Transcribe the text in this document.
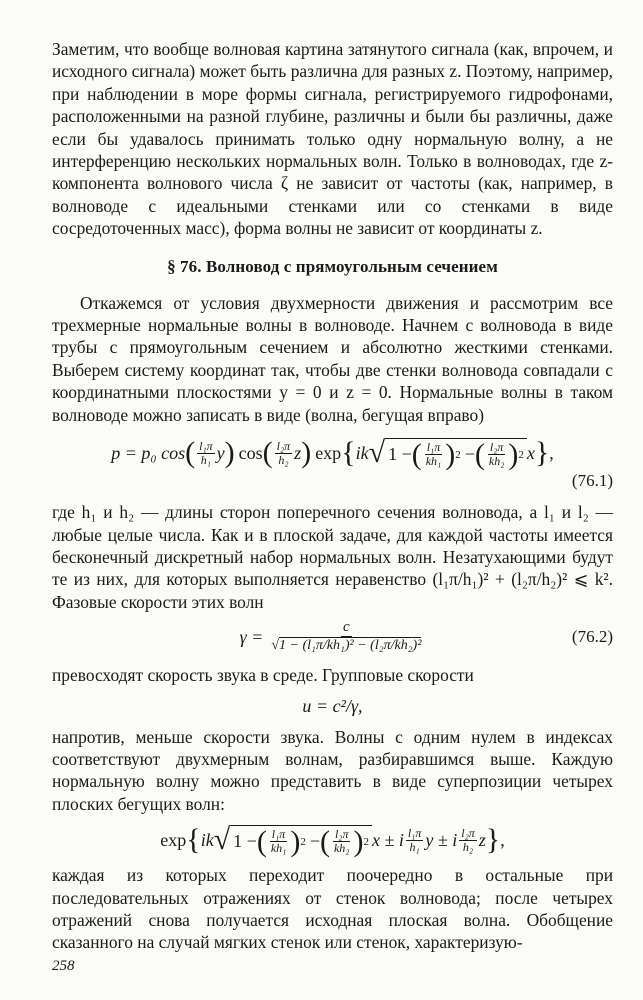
Заметим, что вообще волновая картина затянутого сигнала (как, впрочем, и исходного сигнала) может быть различна для разных z. Поэтому, например, при наблюдении в море формы сигнала, регистрируемого гидрофонами, расположенными на разной глубине, различны и были бы различны, даже если бы удавалось принимать только одну нормальную волну, а не интерференцию нескольких нормальных волн. Только в волноводах, где z-компонента волнового числа ζ не зависит от частоты (как, например, в волноводе с идеальными стенками или со стенками в виде сосредоточенных масс), форма волны не зависит от координаты z.

§ 76. Волновод с прямоугольным сечением

Откажемся от условия двухмерности движения и рассмотрим все трехмерные нормальные волны в волноводе. Начнем с волновода в виде трубы с прямоугольным сечением и абсолютно жесткими стенками. Выберем систему координат так, чтобы две стенки волновода совпадали с координатными плоскостями y = 0 и z = 0. Нормальные волны в таком волноводе можно записать в виде (волна, бегущая вправо)

p = p₀ cos ( $\frac{\text{l₁π}}{\text{h₁}}$ y )
cos ( $\frac{\text{l₂π}}{\text{h₂}}$ z )
exp { ik √ 1 − ( $\frac{\text{l₁π}}{\text{kh₁}}$ ) 2
− ( $\frac{\text{l₂π}}{\text{kh₂}}$ ) 2 x } ,
(76.1)

где h₁ и h₂ — длины сторон поперечного сечения волновода, a l₁ и l₂ — любые целые числа. Как и в плоской задаче, для каждой частоты имеется бесконечный дискретный набор нормальных волн. Незатухающими будут те из них, для которых выполняется неравенство (l₁π/h₁)² + (l₂π/h₂)² ⩽ k². Фазовые скорости этих волн

γ =
$\frac{c}{\text{√1 − (l₁π/kh₁)² − (l₂π/kh₂)²}}$	(76.2)

превосходят скорость звука в среде. Групповые скорости

u = c²/γ,

напротив, меньше скорости звука. Волны с одним нулем в индексах соответствуют двухмерным волнам, разбиравшимся выше. Каждую нормальную волну можно представить в виде суперпозиции четырех плоских бегущих волн:

exp { ik √ 1 − ( $\frac{\text{l₁π}}{\text{kh₁}}$ ) 2
− ( $\frac{\text{l₂π}}{\text{kh₂}}$ ) 2 x ± i $\frac{\text{l₁π}}{\text{h₁}}$ y ± i $\frac{\text{l₂π}}{\text{h₂}}$ z } ,

каждая из которых переходит поочередно в остальные при последовательных отражениях от стенок волновода; после четырех отражений снова получается исходная плоская волна. Обобщение сказанного на случай мягких стенок или стенок, характеризую-

258
